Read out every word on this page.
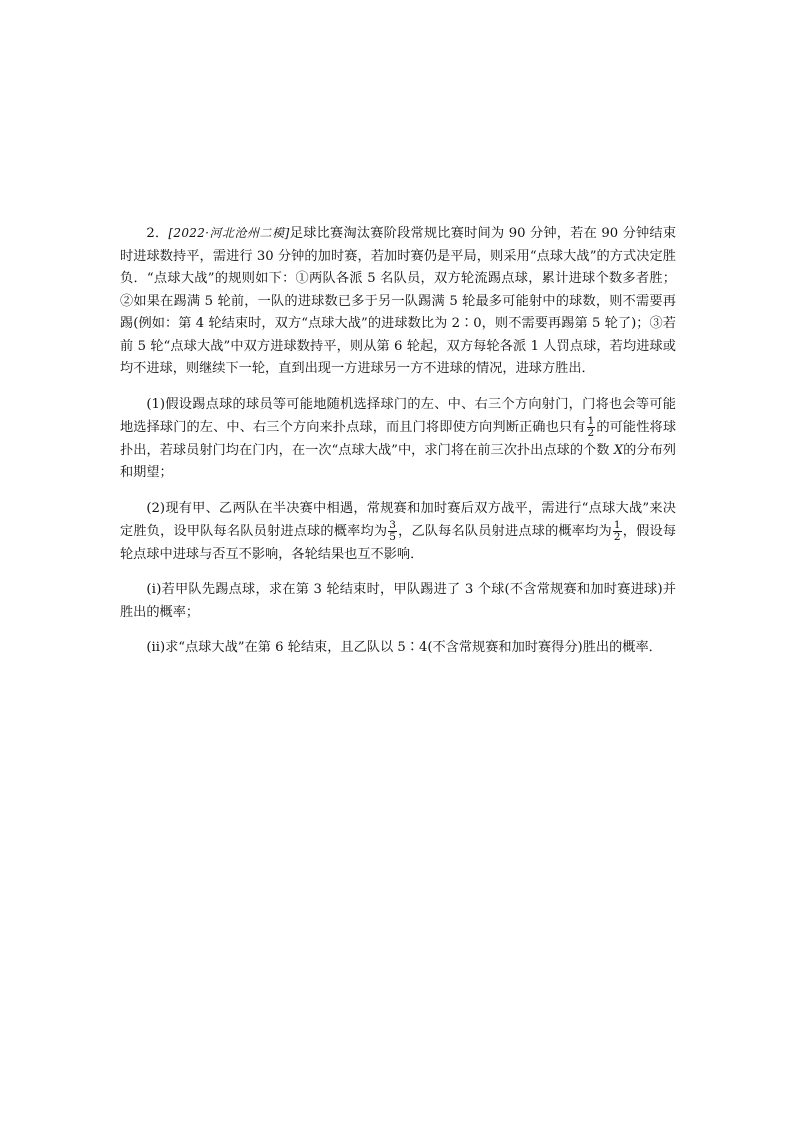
2．[2022·河北沧州二模]足球比赛淘汰赛阶段常规比赛时间为 90 分钟，若在 90 分钟结束时进球数持平，需进行 30 分钟的加时赛，若加时赛仍是平局，则采用“点球大战”的方式决定胜负．“点球大战”的规则如下：①两队各派 5 名队员，双方轮流踢点球，累计进球个数多者胜；②如果在踢满 5 轮前，一队的进球数已多于另一队踢满 5 轮最多可能射中的球数，则不需要再踢(例如：第 4 轮结束时，双方“点球大战”的进球数比为 2∶0，则不需要再踢第 5 轮了)；③若前 5 轮“点球大战”中双方进球数持平，则从第 6 轮起，双方每轮各派 1 人罚点球，若均进球或均不进球，则继续下一轮，直到出现一方进球另一方不进球的情况，进球方胜出．

(1)假设踢点球的球员等可能地随机选择球门的左、中、右三个方向射门，门将也会等可能地选择球门的左、中、右三个方向来扑点球，而且门将即使方向判断正确也只有 $\frac{1}{2}$ 的可能性将球扑出，若球员射门均在门内，在一次“点球大战”中，求门将在前三次扑出点球的个数 X的分布列和期望；

(2)现有甲、乙两队在半决赛中相遇，常规赛和加时赛后双方战平，需进行“点球大战”来决定胜负，设甲队每名队员射进点球的概率均为 $\frac{3}{5}$ ，乙队每名队员射进点球的概率均为 $\frac{1}{2}$ ，假设每轮点球中进球与否互不影响，各轮结果也互不影响．

(ⅰ)若甲队先踢点球，求在第 3 轮结束时，甲队踢进了 3 个球(不含常规赛和加时赛进球)并胜出的概率；

(ⅱ)求“点球大战”在第 6 轮结束，且乙队以 5∶4(不含常规赛和加时赛得分)胜出的概率．
